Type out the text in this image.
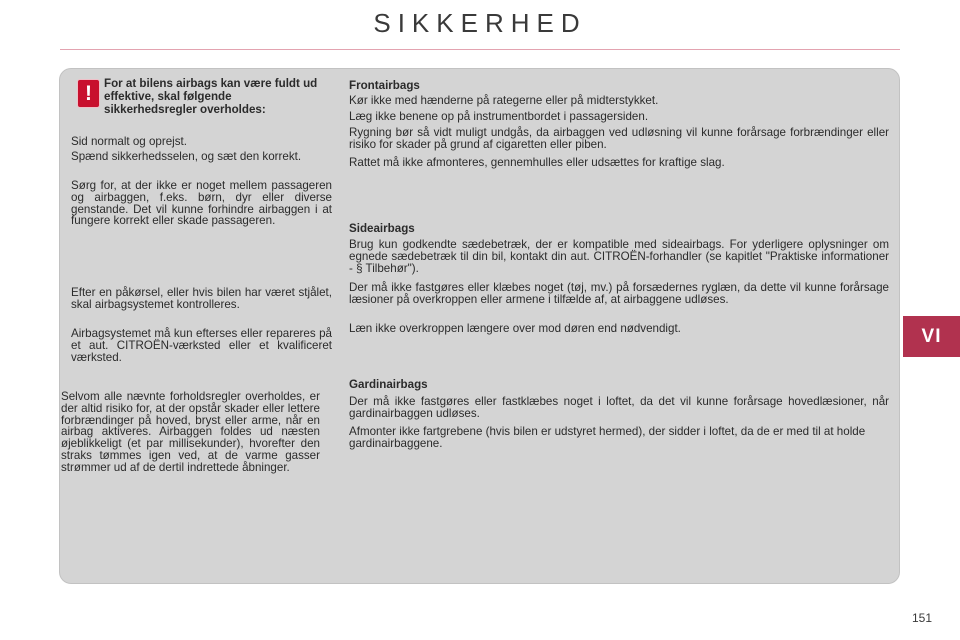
SIKKERHED
VI
!	For at bilens airbags kan være fuldt ud effektive, skal følgende sikkerhedsregler overholdes:

Sid normalt og oprejst.

Spænd sikkerhedsselen, og sæt den korrekt.

Sørg for, at der ikke er noget mellem passageren og airbaggen, f.eks. børn, dyr eller diverse genstande. Det vil kunne forhindre airbaggen i at fungere korrekt eller skade passageren.

Efter en påkørsel, eller hvis bilen har været stjålet, skal airbagsystemet kontrolleres.

Airbagsystemet må kun efterses eller repareres på et aut. CITROËN-værksted eller et kvalificeret værksted.

Selvom alle nævnte forholdsregler overholdes, er der altid risiko for, at der opstår skader eller lettere forbrændinger på hoved, bryst eller arme, når en airbag aktiveres. Airbaggen foldes ud næsten øjeblikkeligt (et par millisekunder), hvorefter den straks tømmes igen ved, at de varme gasser strømmer ud af de dertil indrettede åbninger.

Frontairbags

Kør ikke med hænderne på rategerne eller på midterstykket.

Læg ikke benene op på instrumentbordet i passagersiden.

Rygning bør så vidt muligt undgås, da airbaggen ved udløsning vil kunne forårsage forbrændinger eller risiko for skader på grund af cigaretten eller piben.

Rattet må ikke afmonteres, gennemhulles eller udsættes for kraftige slag.

Sideairbags

Brug kun godkendte sædebetræk, der er kompatible med sideairbags. For yderligere oplysninger om egnede sædebetræk til din bil, kontakt din aut. CITROËN-forhandler (se kapitlet "Praktiske informationer - § Tilbehør").

Der må ikke fastgøres eller klæbes noget (tøj, mv.) på forsædernes ryglæn, da dette vil kunne forårsage læsioner på overkroppen eller armene i tilfælde af, at airbaggene udløses.

Læn ikke overkroppen længere over mod døren end nødvendigt.

Gardinairbags

Der må ikke fastgøres eller fastklæbes noget i loftet, da det vil kunne forårsage hovedlæsioner, når gardinairbaggen udløses.

Afmonter ikke fartgrebene (hvis bilen er udstyret hermed), der sidder i loftet, da de er med til at holde gardinairbaggene.

151
